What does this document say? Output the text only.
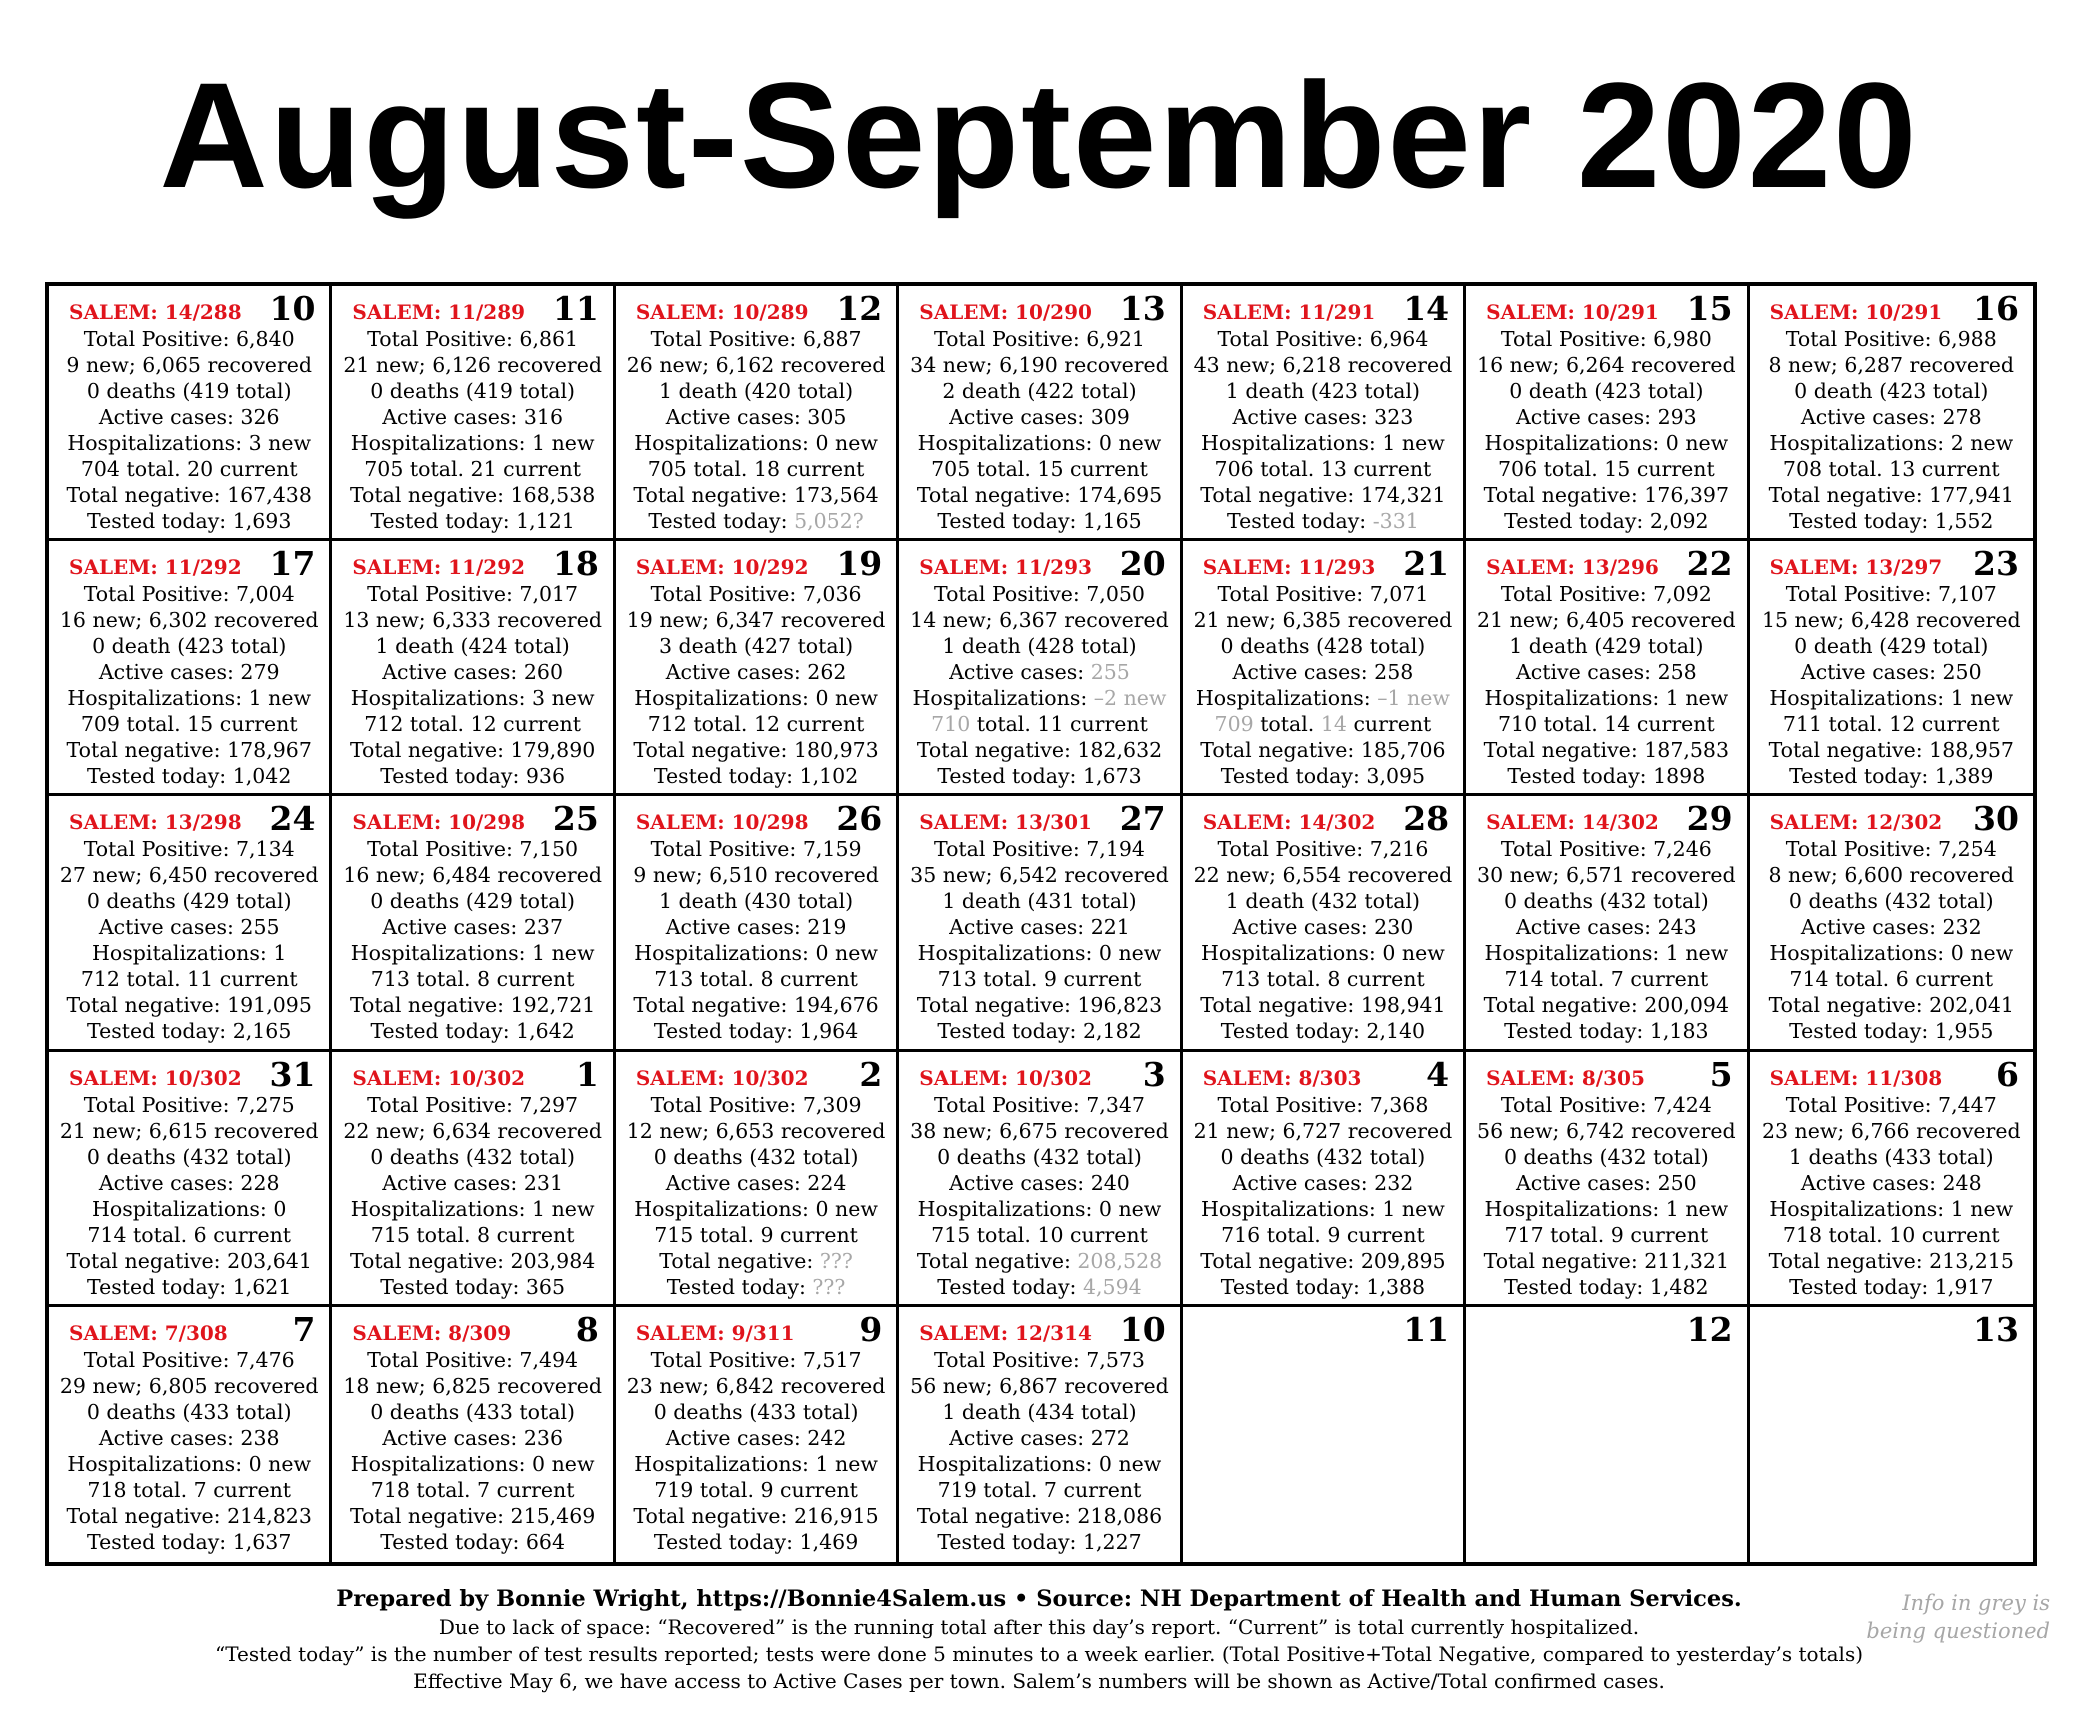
August-September 2020
SALEM: 14/288 10
Total Positive: 6,840
9 new; 6,065 recovered
0 deaths (419 total)
Active cases: 326
Hospitalizations: 3 new
704 total. 20 current
Total negative: 167,438
Tested today: 1,693
SALEM: 11/289 11
Total Positive: 6,861
21 new; 6,126 recovered
0 deaths (419 total)
Active cases: 316
Hospitalizations: 1 new
705 total. 21 current
Total negative: 168,538
Tested today: 1,121
SALEM: 10/289 12
Total Positive: 6,887
26 new; 6,162 recovered
1 death (420 total)
Active cases: 305
Hospitalizations: 0 new
705 total. 18 current
Total negative: 173,564
Tested today: 5,052?
SALEM: 10/290 13
Total Positive: 6,921
34 new; 6,190 recovered
2 death (422 total)
Active cases: 309
Hospitalizations: 0 new
705 total. 15 current
Total negative: 174,695
Tested today: 1,165
SALEM: 11/291 14
Total Positive: 6,964
43 new; 6,218 recovered
1 death (423 total)
Active cases: 323
Hospitalizations: 1 new
706 total. 13 current
Total negative: 174,321
Tested today: -331
SALEM: 10/291 15
Total Positive: 6,980
16 new; 6,264 recovered
0 death (423 total)
Active cases: 293
Hospitalizations: 0 new
706 total. 15 current
Total negative: 176,397
Tested today: 2,092
SALEM: 10/291 16
Total Positive: 6,988
8 new; 6,287 recovered
0 death (423 total)
Active cases: 278
Hospitalizations: 2 new
708 total. 13 current
Total negative: 177,941
Tested today: 1,552
SALEM: 11/292 17
Total Positive: 7,004
16 new; 6,302 recovered
0 death (423 total)
Active cases: 279
Hospitalizations: 1 new
709 total. 15 current
Total negative: 178,967
Tested today: 1,042
SALEM: 11/292 18
Total Positive: 7,017
13 new; 6,333 recovered
1 death (424 total)
Active cases: 260
Hospitalizations: 3 new
712 total. 12 current
Total negative: 179,890
Tested today: 936
SALEM: 10/292 19
Total Positive: 7,036
19 new; 6,347 recovered
3 death (427 total)
Active cases: 262
Hospitalizations: 0 new
712 total. 12 current
Total negative: 180,973
Tested today: 1,102
SALEM: 11/293 20
Total Positive: 7,050
14 new; 6,367 recovered
1 death (428 total)
Active cases: 255
Hospitalizations: –2 new
710 total. 11 current
Total negative: 182,632
Tested today: 1,673
SALEM: 11/293 21
Total Positive: 7,071
21 new; 6,385 recovered
0 deaths (428 total)
Active cases: 258
Hospitalizations: –1 new
709 total. 14 current
Total negative: 185,706
Tested today: 3,095
SALEM: 13/296 22
Total Positive: 7,092
21 new; 6,405 recovered
1 death (429 total)
Active cases: 258
Hospitalizations: 1 new
710 total. 14 current
Total negative: 187,583
Tested today: 1898
SALEM: 13/297 23
Total Positive: 7,107
15 new; 6,428 recovered
0 death (429 total)
Active cases: 250
Hospitalizations: 1 new
711 total. 12 current
Total negative: 188,957
Tested today: 1,389
SALEM: 13/298 24
Total Positive: 7,134
27 new; 6,450 recovered
0 deaths (429 total)
Active cases: 255
Hospitalizations: 1
712 total. 11 current
Total negative: 191,095
Tested today: 2,165
SALEM: 10/298 25
Total Positive: 7,150
16 new; 6,484 recovered
0 deaths (429 total)
Active cases: 237
Hospitalizations: 1 new
713 total. 8 current
Total negative: 192,721
Tested today: 1,642
SALEM: 10/298 26
Total Positive: 7,159
9 new; 6,510 recovered
1 death (430 total)
Active cases: 219
Hospitalizations: 0 new
713 total. 8 current
Total negative: 194,676
Tested today: 1,964
SALEM: 13/301 27
Total Positive: 7,194
35 new; 6,542 recovered
1 death (431 total)
Active cases: 221
Hospitalizations: 0 new
713 total. 9 current
Total negative: 196,823
Tested today: 2,182
SALEM: 14/302 28
Total Positive: 7,216
22 new; 6,554 recovered
1 death (432 total)
Active cases: 230
Hospitalizations: 0 new
713 total. 8 current
Total negative: 198,941
Tested today: 2,140
SALEM: 14/302 29
Total Positive: 7,246
30 new; 6,571 recovered
0 deaths (432 total)
Active cases: 243
Hospitalizations: 1 new
714 total. 7 current
Total negative: 200,094
Tested today: 1,183
SALEM: 12/302 30
Total Positive: 7,254
8 new; 6,600 recovered
0 deaths (432 total)
Active cases: 232
Hospitalizations: 0 new
714 total. 6 current
Total negative: 202,041
Tested today: 1,955
SALEM: 10/302 31
Total Positive: 7,275
21 new; 6,615 recovered
0 deaths (432 total)
Active cases: 228
Hospitalizations: 0
714 total. 6 current
Total negative: 203,641
Tested today: 1,621
SALEM: 10/302 1
Total Positive: 7,297
22 new; 6,634 recovered
0 deaths (432 total)
Active cases: 231
Hospitalizations: 1 new
715 total. 8 current
Total negative: 203,984
Tested today: 365
SALEM: 10/302 2
Total Positive: 7,309
12 new; 6,653 recovered
0 deaths (432 total)
Active cases: 224
Hospitalizations: 0 new
715 total. 9 current
Total negative: ???
Tested today: ???
SALEM: 10/302 3
Total Positive: 7,347
38 new; 6,675 recovered
0 deaths (432 total)
Active cases: 240
Hospitalizations: 0 new
715 total. 10 current
Total negative: 208,528
Tested today: 4,594
SALEM: 8/303 4
Total Positive: 7,368
21 new; 6,727 recovered
0 deaths (432 total)
Active cases: 232
Hospitalizations: 1 new
716 total. 9 current
Total negative: 209,895
Tested today: 1,388
SALEM: 8/305 5
Total Positive: 7,424
56 new; 6,742 recovered
0 deaths (432 total)
Active cases: 250
Hospitalizations: 1 new
717 total. 9 current
Total negative: 211,321
Tested today: 1,482
SALEM: 11/308 6
Total Positive: 7,447
23 new; 6,766 recovered
1 deaths (433 total)
Active cases: 248
Hospitalizations: 1 new
718 total. 10 current
Total negative: 213,215
Tested today: 1,917
SALEM: 7/308 7
Total Positive: 7,476
29 new; 6,805 recovered
0 deaths (433 total)
Active cases: 238
Hospitalizations: 0 new
718 total. 7 current
Total negative: 214,823
Tested today: 1,637
SALEM: 8/309 8
Total Positive: 7,494
18 new; 6,825 recovered
0 deaths (433 total)
Active cases: 236
Hospitalizations: 0 new
718 total. 7 current
Total negative: 215,469
Tested today: 664
SALEM: 9/311 9
Total Positive: 7,517
23 new; 6,842 recovered
0 deaths (433 total)
Active cases: 242
Hospitalizations: 1 new
719 total. 9 current
Total negative: 216,915
Tested today: 1,469
SALEM: 12/314 10
Total Positive: 7,573
56 new; 6,867 recovered
1 death (434 total)
Active cases: 272
Hospitalizations: 0 new
719 total. 7 current
Total negative: 218,086
Tested today: 1,227
11	12	13
Prepared by Bonnie Wright, https://Bonnie4Salem.us • Source: NH Department of Health and Human Services.
Due to lack of space: “Recovered” is the running total after this day’s report. “Current” is total currently hospitalized.
“Tested today” is the number of test results reported; tests were done 5 minutes to a week earlier. (Total Positive+Total Negative, compared to yesterday’s totals)
Effective May 6, we have access to Active Cases per town. Salem’s numbers will be shown as Active/Total confirmed cases.
Info in grey is
being questioned
